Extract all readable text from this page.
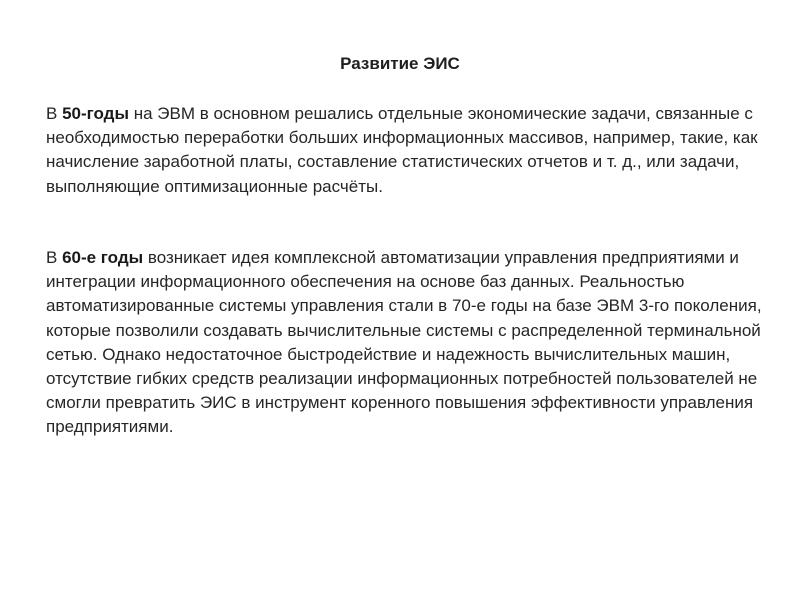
Развитие ЭИС

В 50-годы на ЭВМ в основном решались отдельные экономические задачи, связанные с необходимостью переработки больших информационных массивов, например, такие, как начисление заработной платы, составление статистических отчетов и т. д., или задачи, выполняющие оптимизационные расчёты.

В 60-е годы возникает идея комплексной автоматизации управления предприятиями и интеграции информационного обеспечения на основе баз данных. Реальностью автоматизированные системы управления стали в 70-е годы на базе ЭВМ 3-го поколения, которые позволили создавать вычислительные системы с распределенной терминальной сетью. Однако недостаточное быстродействие и надежность вычислительных машин, отсутствие гибких средств реализации информационных потребностей пользователей не смогли превратить ЭИС в инструмент коренного повышения эффективности управления предприятиями.
